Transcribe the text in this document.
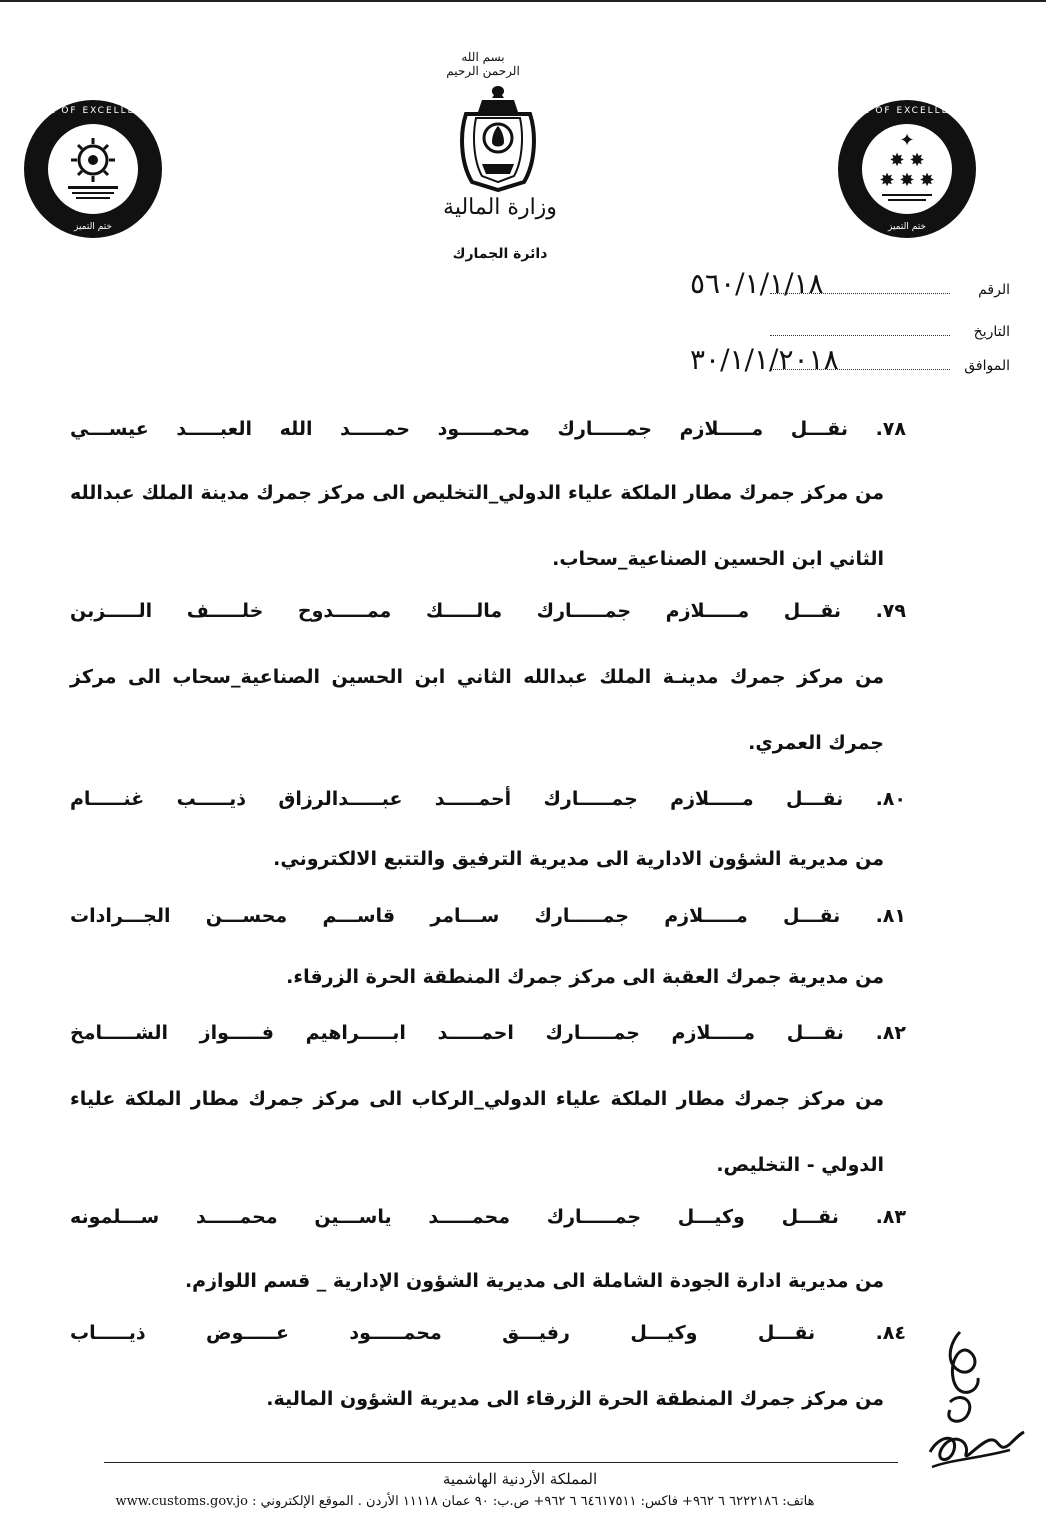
SEAL OF EXCELLENCE
ختم التميز
SEAL OF EXCELLENCE
✦
✸ ✸
✸ ✸ ✸
ختم التميز
بسم الله الرحمن الرحيم
وزارة المالية
دائرة الجمارك
الرقم
٥٦٠/١/١/١٨
التاريخ
الموافق
٣٠/١/١/٢٠١٨
٧٨. نقـــل مـــــلازم جمـــــارك محمـــــود حمـــــد الله العبـــــد عيســـي
من مركز جمرك مطار الملكة علياء الدولي_التخليص الى مركز جمرك مدينة الملك عبدالله الثاني ابن الحسين الصناعية_سحاب.
٧٩. نقـــل مـــــلازم جمـــــارك مالـــــك ممـــــدوح خلـــــف الـــــزبن
من مركز جمرك مدينـة الملك عبدالله الثاني ابن الحسين الصناعية_سحاب الى مركز جمرك العمري.
٨٠. نقـــل مـــــلازم جمـــــارك أحمـــــد عبـــــدالرزاق ذيـــــب غنـــــام
من مديرية الشؤون الادارية الى مديرية الترفيق والتتبع الالكتروني.
٨١. نقـــل مـــــلازم جمـــــارك ســـامر قاســـم محســـن الجـــرادات
من مديرية جمرك العقبة الى مركز جمرك المنطقة الحرة الزرقاء.
٨٢. نقـــل مـــــلازم جمـــــارك احمـــــد ابـــــراهيم فـــــواز الشـــــامخ
من مركز جمرك مطار الملكة علياء الدولي_الركاب الى مركز جمرك مطار الملكة علياء الدولي - التخليص.
٨٣. نقـــل وكيـــل جمـــــارك محمـــــد ياســـين محمـــــد ســـلمونه
من مديرية ادارة الجودة الشاملة الى مديرية الشؤون الإدارية _ قسم اللوازم.
٨٤. نقـــل وكيـــل رفيـــق محمـــــود عـــــوض ذيـــــاب
من مركز جمرك المنطقة الحرة الزرقاء الى مديرية الشؤون المالية.
المملكة الأردنية الهاشمية
هاتف: ٦٢٢٢١٨٦ ٦ ٩٦٢+ فاكس: ٦٤٦١٧٥١١ ٦ ٩٦٢+ ص.ب: ٩٠ عمان ١١١١٨ الأردن . الموقع الإلكتروني : www.customs.gov.jo
